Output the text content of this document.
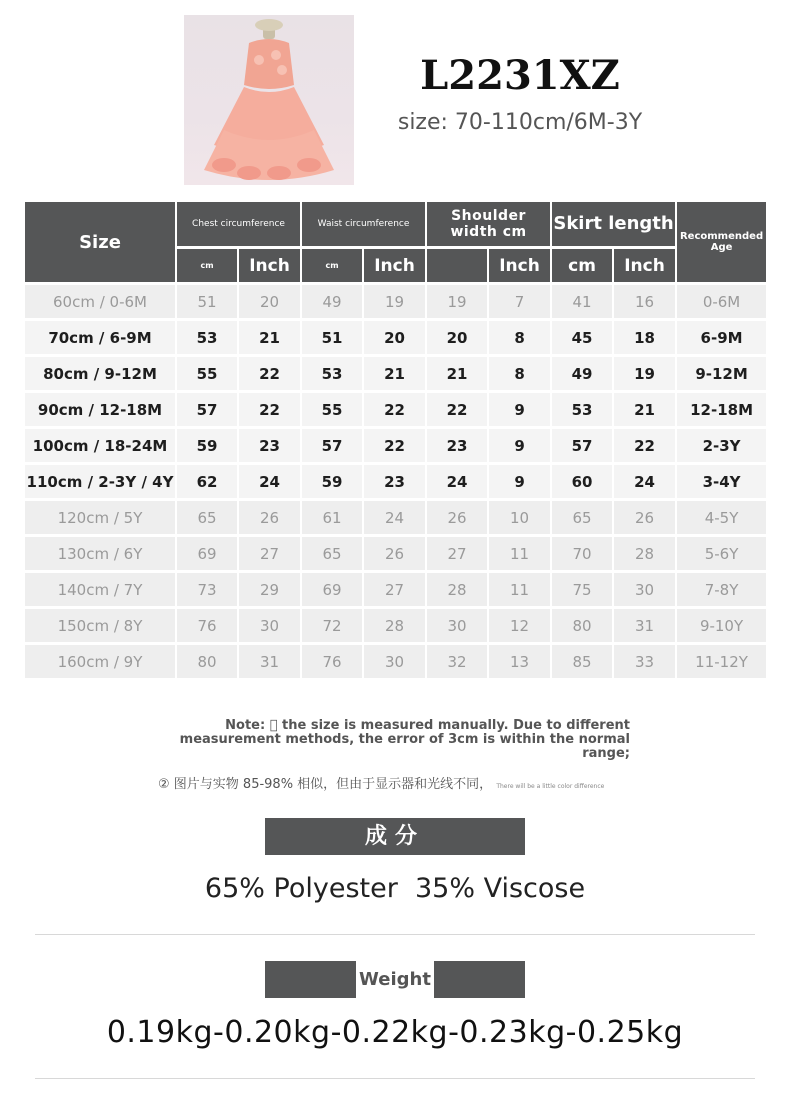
L2231XZ
size: 70-110cm/6M-3Y
Size	Chest circumference		Waist circumference		Shoulder width cm		Skirt length		Recommended Age
	cm	Inch	cm	Inch		Inch	cm	Inch	
60cm / 0-6M	51	20	49	19	19	7	41	16	0-6M
70cm / 6-9M	53	21	51	20	20	8	45	18	6-9M
80cm / 9-12M	55	22	53	21	21	8	49	19	9-12M
90cm / 12-18M	57	22	55	22	22	9	53	21	12-18M
100cm / 18-24M	59	23	57	22	23	9	57	22	2-3Y
110cm / 2-3Y / 4Y	62	24	59	23	24	9	60	24	3-4Y
120cm / 5Y	65	26	61	24	26	10	65	26	4-5Y
130cm / 6Y	69	27	65	26	27	11	70	28	5-6Y
140cm / 7Y	73	29	69	27	28	11	75	30	7-8Y
150cm / 8Y	76	30	72	28	30	12	80	31	9-10Y
160cm / 9Y	80	31	76	30	32	13	85	33	11-12Y
Note: ⃞ the size is measured manually. Due to different measurement methods, the error of 3cm is within the normal range;
② 图片与实物 85-98% 相似，但由于显示器和光线不同， There will be a little color difference
成分
65% Polyester  35% Viscose
Weight
0.19kg-0.20kg-0.22kg-0.23kg-0.25kg
